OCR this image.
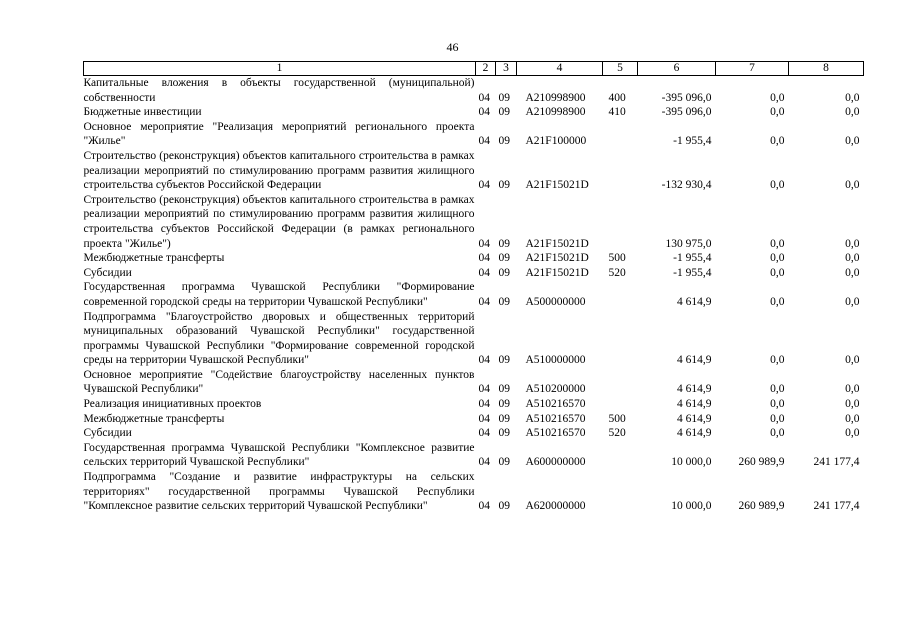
46
1	2	3	4	5	6	7	8
Капитальные вложения в объекты государственной (муниципальной) собственности	04	09	А210998900	400	-395 096,0	0,0	0,0
Бюджетные инвестиции	04	09	А210998900	410	-395 096,0	0,0	0,0
Основное мероприятие "Реализация мероприятий регионального проекта "Жилье"	04	09	А21F100000		-1 955,4	0,0	0,0
Строительство (реконструкция) объектов капитального строительства в рамках реализации мероприятий по стимулированию программ развития жилищного строительства субъектов Российской Федерации	04	09	А21F15021D		-132 930,4	0,0	0,0
Строительство (реконструкция) объектов капитального строительства в рамках реализации мероприятий по стимулированию программ развития жилищного строительства субъектов Российской Федерации (в рамках регионального проекта "Жилье")	04	09	А21F15021D		130 975,0	0,0	0,0
Межбюджетные трансферты	04	09	А21F15021D	500	-1 955,4	0,0	0,0
Субсидии	04	09	А21F15021D	520	-1 955,4	0,0	0,0
Государственная программа Чувашской Республики "Формирование современной городской среды на территории Чувашской Республики"	04	09	А500000000		4 614,9	0,0	0,0
Подпрограмма "Благоустройство дворовых и общественных территорий муниципальных образований Чувашской Республики" государственной программы Чувашской Республики "Формирование современной городской среды на территории Чувашской Республики"	04	09	А510000000		4 614,9	0,0	0,0
Основное мероприятие "Содействие благоустройству населенных пунктов Чувашской Республики"	04	09	А510200000		4 614,9	0,0	0,0
Реализация инициативных проектов	04	09	А510216570		4 614,9	0,0	0,0
Межбюджетные трансферты	04	09	А510216570	500	4 614,9	0,0	0,0
Субсидии	04	09	А510216570	520	4 614,9	0,0	0,0
Государственная программа Чувашской Республики "Комплексное развитие сельских территорий Чувашской Республики"	04	09	А600000000		10 000,0	260 989,9	241 177,4
Подпрограмма "Создание и развитие инфраструктуры на сельских территориях" государственной программы Чувашской Республики "Комплексное развитие сельских территорий Чувашской Республики"	04	09	А620000000		10 000,0	260 989,9	241 177,4
